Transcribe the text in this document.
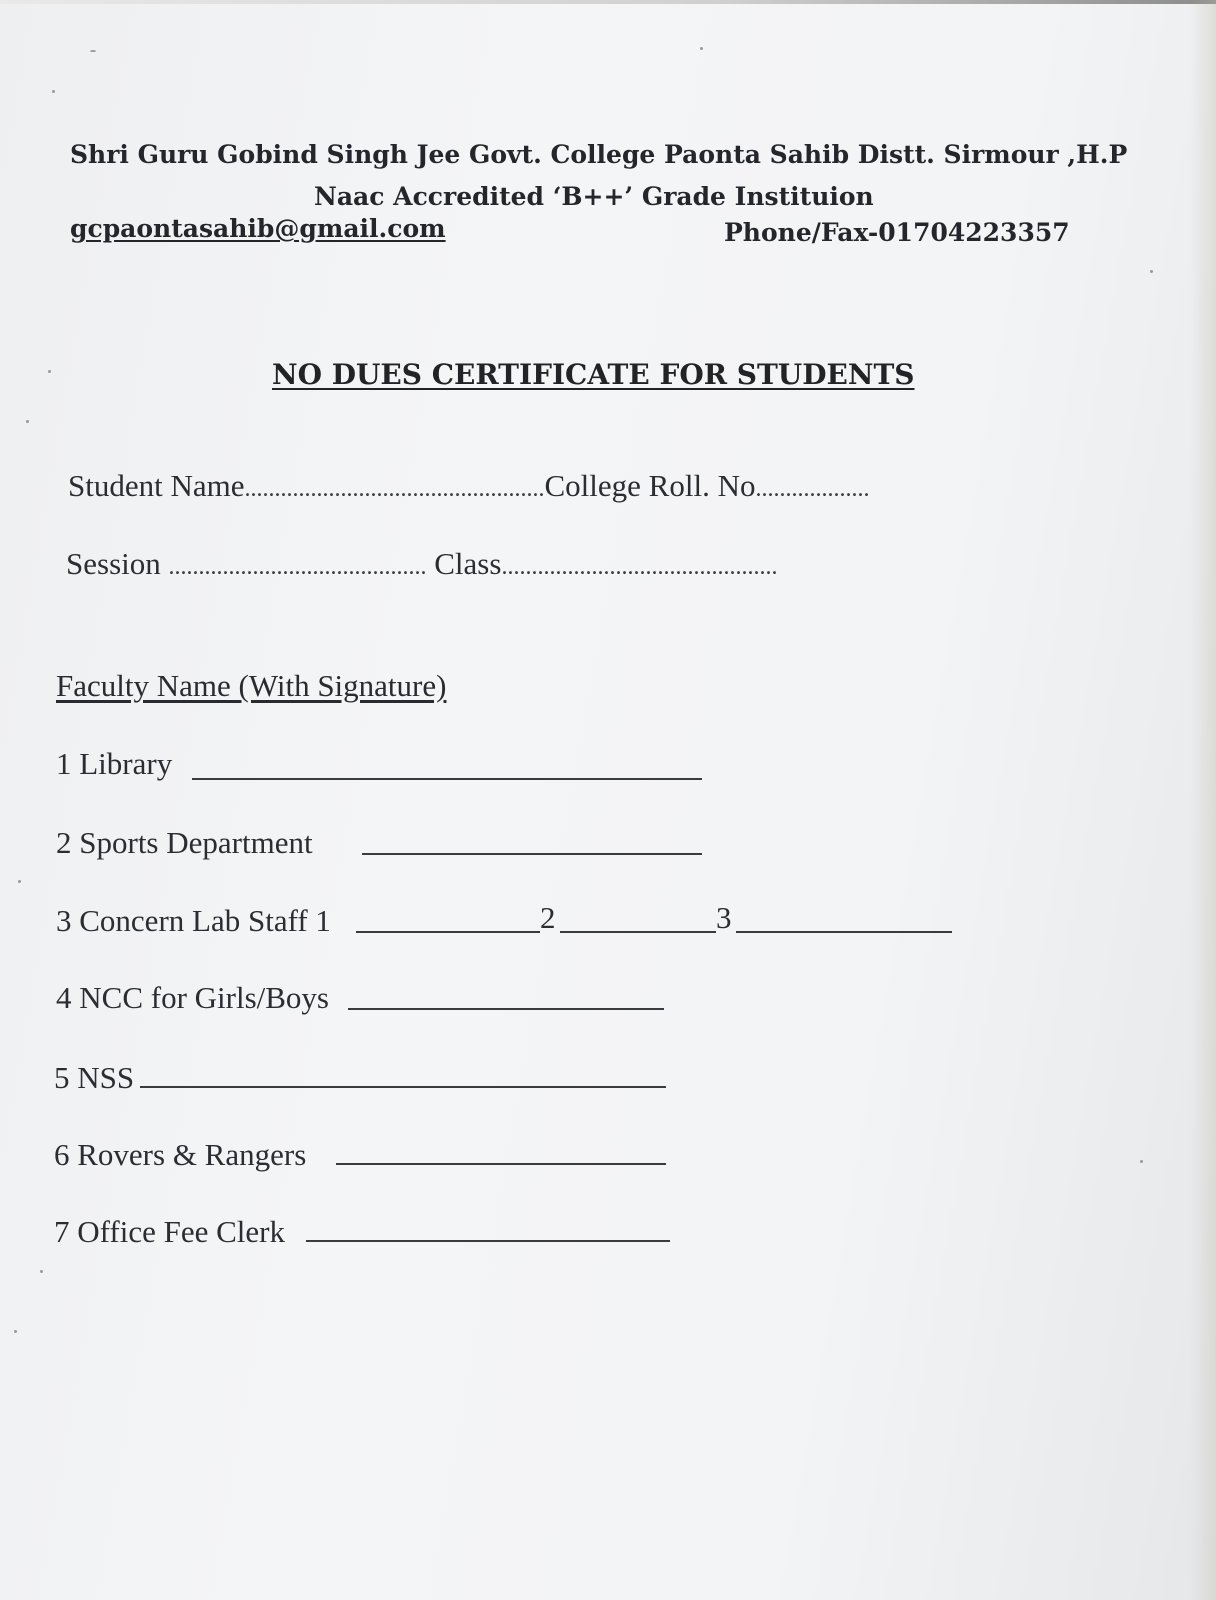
Shri Guru Gobind Singh Jee Govt. College Paonta Sahib Distt. Sirmour ,H.P
Naac Accredited ‘B++’ Grade Instituion
gcpaontasahib@gmail.com	Phone/Fax-01704223357
NO DUES CERTIFICATE FOR STUDENTS
Student Name..................................................College Roll. No...................
Session ........................................... Class..............................................
Faculty Name (With Signature)
1 Library
2 Sports Department
3 Concern Lab Staff 1	2	3
4 NCC for Girls/Boys
5 NSS
6 Rovers & Rangers
7 Office Fee Clerk
